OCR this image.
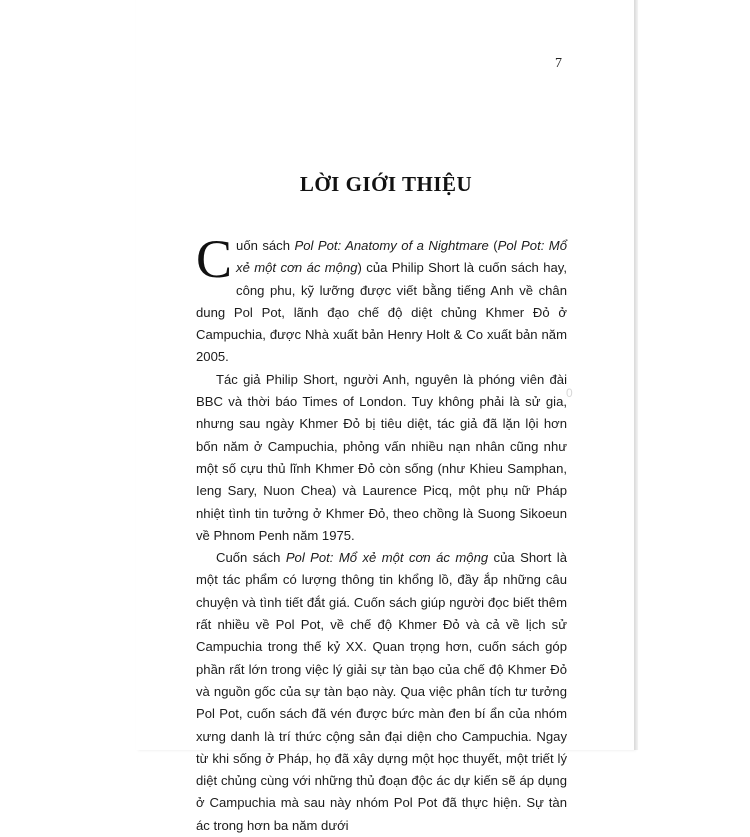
7
LỜI GIỚI THIỆU
0

Cuốn sách Pol Pot: Anatomy of a Nightmare (Pol Pot: Mổ xẻ một cơn ác mộng) của Philip Short là cuốn sách hay, công phu, kỹ lưỡng được viết bằng tiếng Anh về chân dung Pol Pot, lãnh đạo chế độ diệt chủng Khmer Đỏ ở Campuchia, được Nhà xuất bản Henry Holt & Co xuất bản năm 2005.

Tác giả Philip Short, người Anh, nguyên là phóng viên đài BBC và thời báo Times of London. Tuy không phải là sử gia, nhưng sau ngày Khmer Đỏ bị tiêu diệt, tác giả đã lặn lội hơn bốn năm ở Campuchia, phỏng vấn nhiều nạn nhân cũng như một số cựu thủ lĩnh Khmer Đỏ còn sống (như Khieu Samphan, Ieng Sary, Nuon Chea) và Laurence Picq, một phụ nữ Pháp nhiệt tình tin tưởng ở Khmer Đỏ, theo chồng là Suong Sikoeun về Phnom Penh năm 1975.

Cuốn sách Pol Pot: Mổ xẻ một cơn ác mộng của Short là một tác phẩm có lượng thông tin khổng lồ, đầy ắp những câu chuyện và tình tiết đắt giá. Cuốn sách giúp người đọc biết thêm rất nhiều về Pol Pot, về chế độ Khmer Đỏ và cả về lịch sử Campuchia trong thế kỷ XX. Quan trọng hơn, cuốn sách góp phần rất lớn trong việc lý giải sự tàn bạo của chế độ Khmer Đỏ và nguồn gốc của sự tàn bạo này. Qua việc phân tích tư tưởng Pol Pot, cuốn sách đã vén được bức màn đen bí ẩn của nhóm xưng danh là trí thức cộng sản đại diện cho Campuchia. Ngay từ khi sống ở Pháp, họ đã xây dựng một học thuyết, một triết lý diệt chủng cùng với những thủ đoạn độc ác dự kiến sẽ áp dụng ở Campuchia mà sau này nhóm Pol Pot đã thực hiện. Sự tàn ác trong hơn ba năm dưới
